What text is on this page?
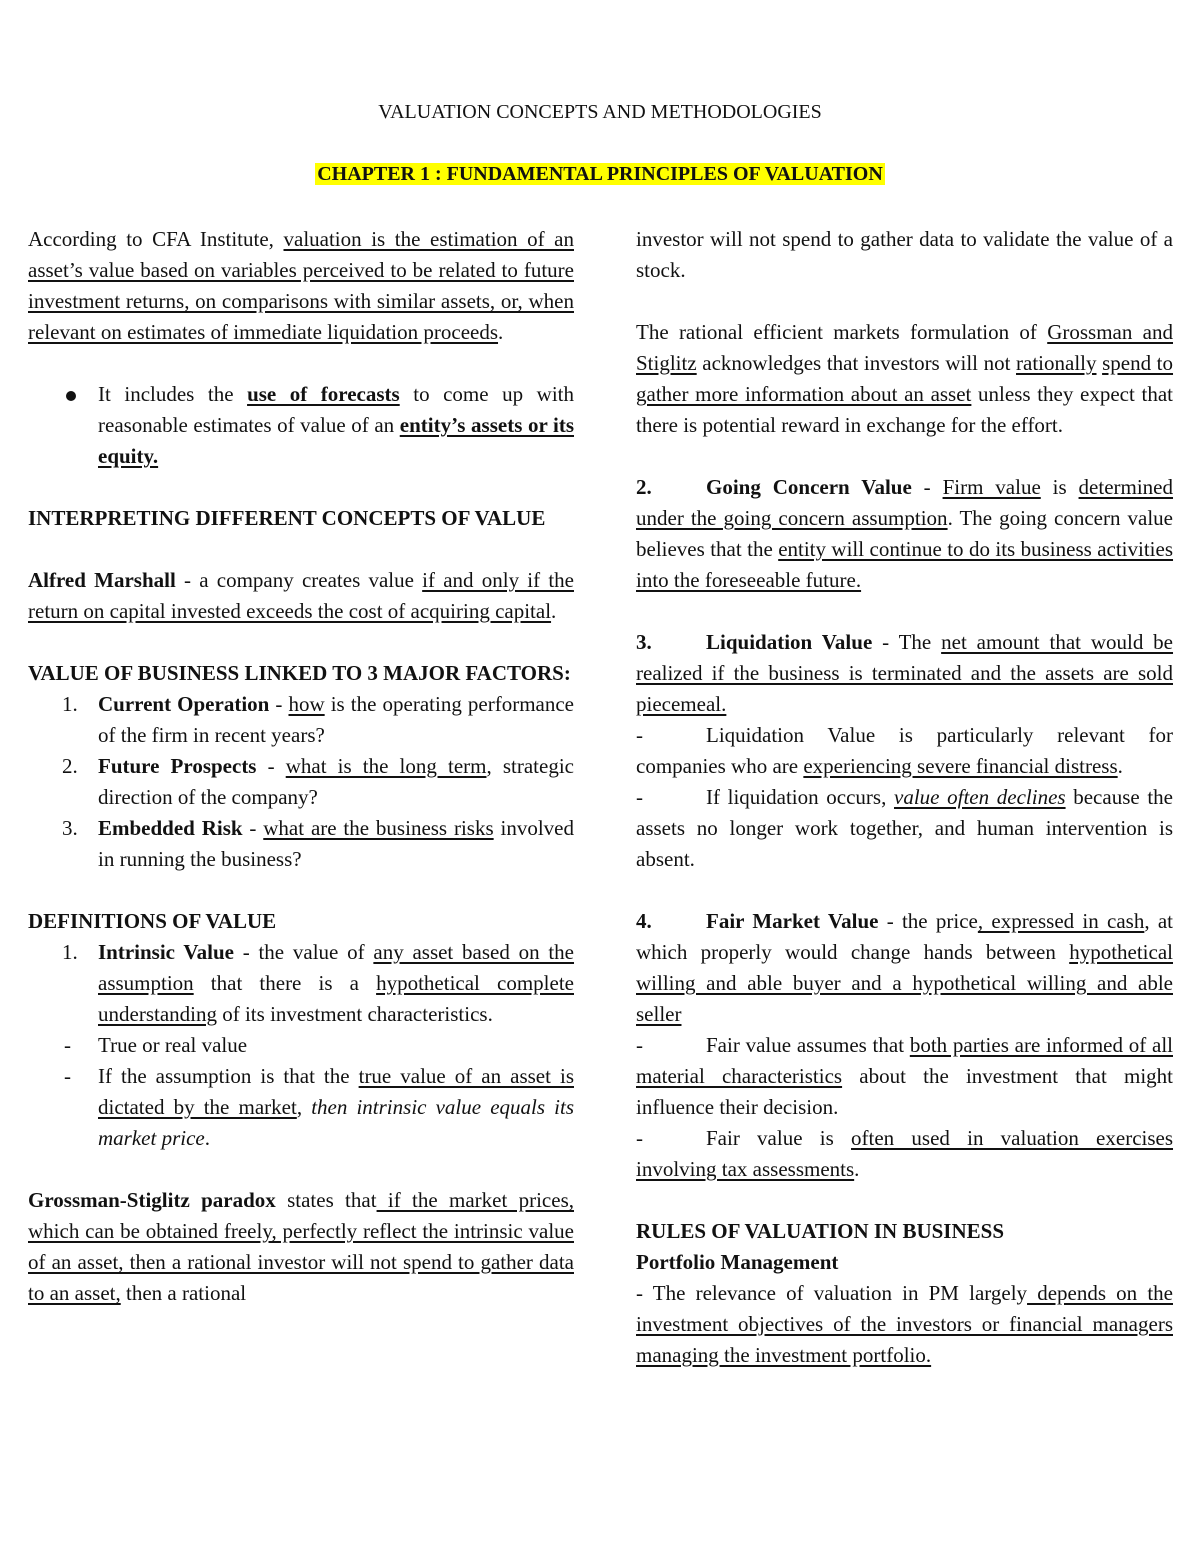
VALUATION CONCEPTS AND METHODOLOGIES
CHAPTER 1 : FUNDAMENTAL PRINCIPLES OF VALUATION

According to CFA Institute, valuation is the estimation of an asset’s value based on variables perceived to be related to future investment returns, on comparisons with similar assets, or, when relevant on estimates of immediate liquidation proceeds.

It includes the use of forecasts to come up with reasonable estimates of value of an entity’s assets or its equity.

INTERPRETING DIFFERENT CONCEPTS OF VALUE

Alfred Marshall - a company creates value if and only if the return on capital invested exceeds the cost of acquiring capital.

VALUE OF BUSINESS LINKED TO 3 MAJOR FACTORS:

1. Current Operation - how is the operating performance of the firm in recent years?

2. Future Prospects - what is the long term, strategic direction of the company?

3. Embedded Risk - what are the business risks involved in running the business?

DEFINITIONS OF VALUE

1. Intrinsic Value - the value of any asset based on the assumption that there is a hypothetical complete understanding of its investment characteristics.

- True or real value

- If the assumption is that the true value of an asset is dictated by the market, then intrinsic value equals its market price.

Grossman-Stiglitz paradox states that if the market prices, which can be obtained freely, perfectly reflect the intrinsic value of an asset, then a rational investor will not spend to gather data to an asset, then a rational

investor will not spend to gather data to validate the value of a stock.

The rational efficient markets formulation of Grossman and Stiglitz acknowledges that investors will not rationally spend to gather more information about an asset unless they expect that there is potential reward in exchange for the effort.

2.	Going Concern Value - Firm value is determined under the going concern assumption. The going concern value believes that the entity will continue to do its business activities into the foreseeable future.

3.	Liquidation Value - The net amount that would be realized if the business is terminated and the assets are sold piecemeal.

-	Liquidation Value is particularly relevant for companies who are experiencing severe financial distress.

-	If liquidation occurs, value often declines because the assets no longer work together, and human intervention is absent.

4.	Fair Market Value - the price, expressed in cash, at which properly would change hands between hypothetical willing and able buyer and a hypothetical willing and able seller

-	Fair value assumes that both parties are informed of all material characteristics about the investment that might influence their decision.

-	Fair value is often used in valuation exercises involving tax assessments.

RULES OF VALUATION IN BUSINESS

Portfolio Management

- The relevance of valuation in PM largely depends on the investment objectives of the investors or financial managers managing the investment portfolio.
